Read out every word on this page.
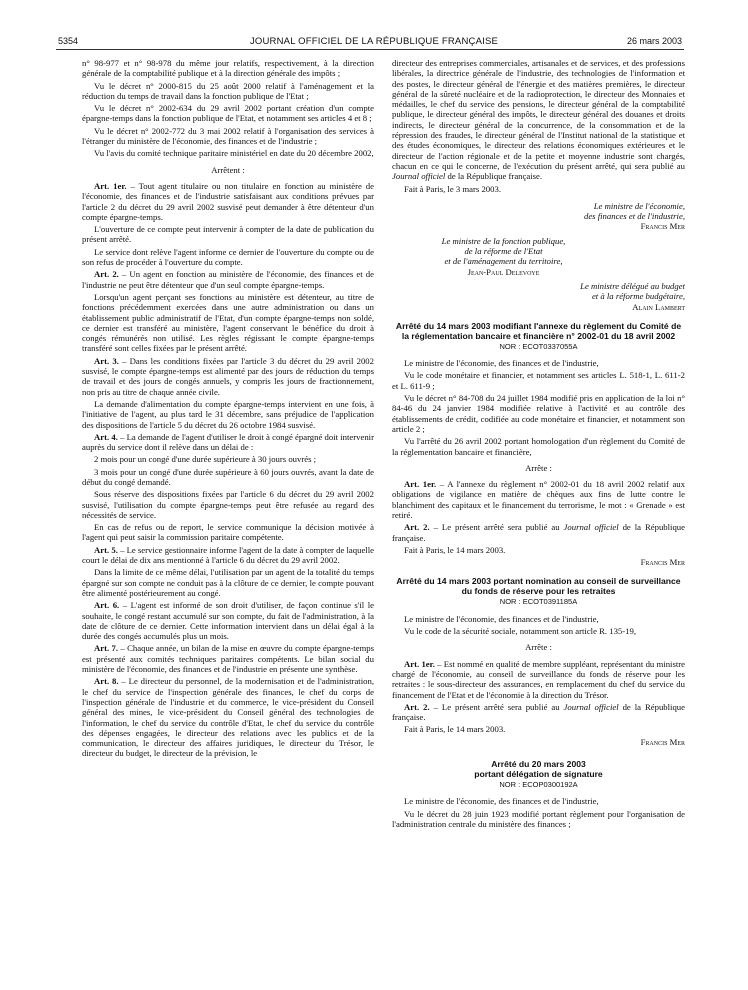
5354	JOURNAL OFFICIEL DE LA RÉPUBLIQUE FRANÇAISE	26 mars 2003

n° 98-977 et n° 98-978 du même jour relatifs, respectivement, à la direction générale de la comptabilité publique et à la direction générale des impôts ;

Vu le décret n° 2000-815 du 25 août 2000 relatif à l'aménagement et la réduction du temps de travail dans la fonction publique de l'Etat ;

Vu le décret n° 2002-634 du 29 avril 2002 portant création d'un compte épargne-temps dans la fonction publique de l'Etat, et notamment ses articles 4 et 8 ;

Vu le décret n° 2002-772 du 3 mai 2002 relatif à l'organisation des services à l'étranger du ministère de l'économie, des finances et de l'industrie ;

Vu l'avis du comité technique paritaire ministériel en date du 20 décembre 2002,

Arrêtent :

Art. 1er. – Tout agent titulaire ou non titulaire en fonction au ministère de l'économie, des finances et de l'industrie satisfaisant aux conditions prévues par l'article 2 du décret du 29 avril 2002 susvisé peut demander à être détenteur d'un compte épargne-temps.

L'ouverture de ce compte peut intervenir à compter de la date de publication du présent arrêté.

Le service dont relève l'agent informe ce dernier de l'ouverture du compte ou de son refus de procéder à l'ouverture du compte.

Art. 2. – Un agent en fonction au ministère de l'économie, des finances et de l'industrie ne peut être détenteur que d'un seul compte épargne-temps.

Lorsqu'un agent perçant ses fonctions au ministère est détenteur, au titre de fonctions précédemment exercées dans une autre administration ou dans un établissement public administratif de l'Etat, d'un compte épargne-temps non soldé, ce dernier est transféré au ministère, l'agent conservant le bénéfice du droit à congés rémunérés non utilisé. Les règles régissant le compte épargne-temps transféré sont celles fixées par le présent arrêté.

Art. 3. – Dans les conditions fixées par l'article 3 du décret du 29 avril 2002 susvisé, le compte épargne-temps est alimenté par des jours de réduction du temps de travail et des jours de congés annuels, y compris les jours de fractionnement, non pris au titre de chaque année civile.

La demande d'alimentation du compte épargne-temps intervient en une fois, à l'initiative de l'agent, au plus tard le 31 décembre, sans préjudice de l'application des dispositions de l'article 5 du décret du 26 octobre 1984 susvisé.

Art. 4. – La demande de l'agent d'utiliser le droit à congé épargné doit intervenir auprès du service dont il relève dans un délai de :

2 mois pour un congé d'une durée supérieure à 30 jours ouvrés ;

3 mois pour un congé d'une durée supérieure à 60 jours ouvrés, avant la date de début du congé demandé.

Sous réserve des dispositions fixées par l'article 6 du décret du 29 avril 2002 susvisé, l'utilisation du compte épargne-temps peut être refusée au regard des nécessités de service.

En cas de refus ou de report, le service communique la décision motivée à l'agent qui peut saisir la commission paritaire compétente.

Art. 5. – Le service gestionnaire informe l'agent de la date à compter de laquelle court le délai de dix ans mentionné à l'article 6 du décret du 29 avril 2002.

Dans la limite de ce même délai, l'utilisation par un agent de la totalité du temps épargné sur son compte ne conduit pas à la clôture de ce dernier, le compte pouvant être alimenté postérieurement au congé.

Art. 6. – L'agent est informé de son droit d'utiliser, de façon continue s'il le souhaite, le congé restant accumulé sur son compte, du fait de l'administration, à la date de clôture de ce dernier. Cette information intervient dans un délai égal à la durée des congés accumulés plus un mois.

Art. 7. – Chaque année, un bilan de la mise en œuvre du compte épargne-temps est présenté aux comités techniques paritaires compétents. Le bilan social du ministère de l'économie, des finances et de l'industrie en présente une synthèse.

Art. 8. – Le directeur du personnel, de la modernisation et de l'administration, le chef du service de l'inspection générale des finances, le chef du corps de l'inspection générale de l'industrie et du commerce, le vice-président du Conseil général des mines, le vice-président du Conseil général des technologies de l'information, le chef du service du contrôle d'Etat, le chef du service du contrôle des dépenses engagées, le directeur des relations avec les publics et de la communication, le directeur des affaires juridiques, le directeur du Trésor, le directeur du budget, le directeur de la prévision, le

directeur des entreprises commerciales, artisanales et de services, et des professions libérales, la directrice générale de l'industrie, des technologies de l'information et des postes, le directeur général de l'énergie et des matières premières, le directeur général de la sûreté nucléaire et de la radioprotection, le directeur des Monnaies et médailles, le chef du service des pensions, le directeur général de la comptabilité publique, le directeur général des impôts, le directeur général des douanes et droits indirects, le directeur général de la concurrence, de la consommation et de la répression des fraudes, le directeur général de l'Institut national de la statistique et des études économiques, le directeur des relations économiques extérieures et le directeur de l'action régionale et de la petite et moyenne industrie sont chargés, chacun en ce qui le concerne, de l'exécution du présent arrêté, qui sera publié au Journal officiel de la République française.

Fait à Paris, le 3 mars 2003.

Le ministre de l'économie,

des finances et de l'industrie,

Francis Mer

Le ministre de la fonction publique,

de la réforme de l'Etat

et de l'aménagement du territoire,

Jean-Paul Delevoye

Le ministre délégué au budget

et à la réforme budgétaire,

Alain Lambert

Arrêté du 14 mars 2003 modifiant l'annexe du règlement du Comité de la réglementation bancaire et financière n° 2002-01 du 18 avril 2002
NOR : ECOT0337055A

Le ministre de l'économie, des finances et de l'industrie,

Vu le code monétaire et financier, et notamment ses articles L. 518-1, L. 611-2 et L. 611-9 ;

Vu le décret n° 84-708 du 24 juillet 1984 modifié pris en application de la loi n° 84-46 du 24 janvier 1984 modifiée relative à l'activité et au contrôle des établissements de crédit, codifiée au code monétaire et financier, et notamment son article 2 ;

Vu l'arrêté du 26 avril 2002 portant homologation d'un règlement du Comité de la réglementation bancaire et financière,

Arrête :

Art. 1er. – A l'annexe du règlement n° 2002-01 du 18 avril 2002 relatif aux obligations de vigilance en matière de chèques aux fins de lutte contre le blanchiment des capitaux et le financement du terrorisme, le mot : « Grenade » est retiré.

Art. 2. – Le présent arrêté sera publié au Journal officiel de la République française.

Fait à Paris, le 14 mars 2003.

Francis Mer

Arrêté du 14 mars 2003 portant nomination au conseil de surveillance du fonds de réserve pour les retraites
NOR : ECOT0391185A

Le ministre de l'économie, des finances et de l'industrie,

Vu le code de la sécurité sociale, notamment son article R. 135-19,

Arrête :

Art. 1er. – Est nommé en qualité de membre suppléant, représentant du ministre chargé de l'économie, au conseil de surveillance du fonds de réserve pour les retraites : le sous-directeur des assurances, en remplacement du chef du service du financement de l'Etat et de l'économie à la direction du Trésor.

Art. 2. – Le présent arrêté sera publié au Journal officiel de la République française.

Fait à Paris, le 14 mars 2003.

Francis Mer

Arrêté du 20 mars 2003
portant délégation de signature
NOR : ECOP0300192A

Le ministre de l'économie, des finances et de l'industrie,

Vu le décret du 28 juin 1923 modifié portant règlement pour l'organisation de l'administration centrale du ministère des finances ;
